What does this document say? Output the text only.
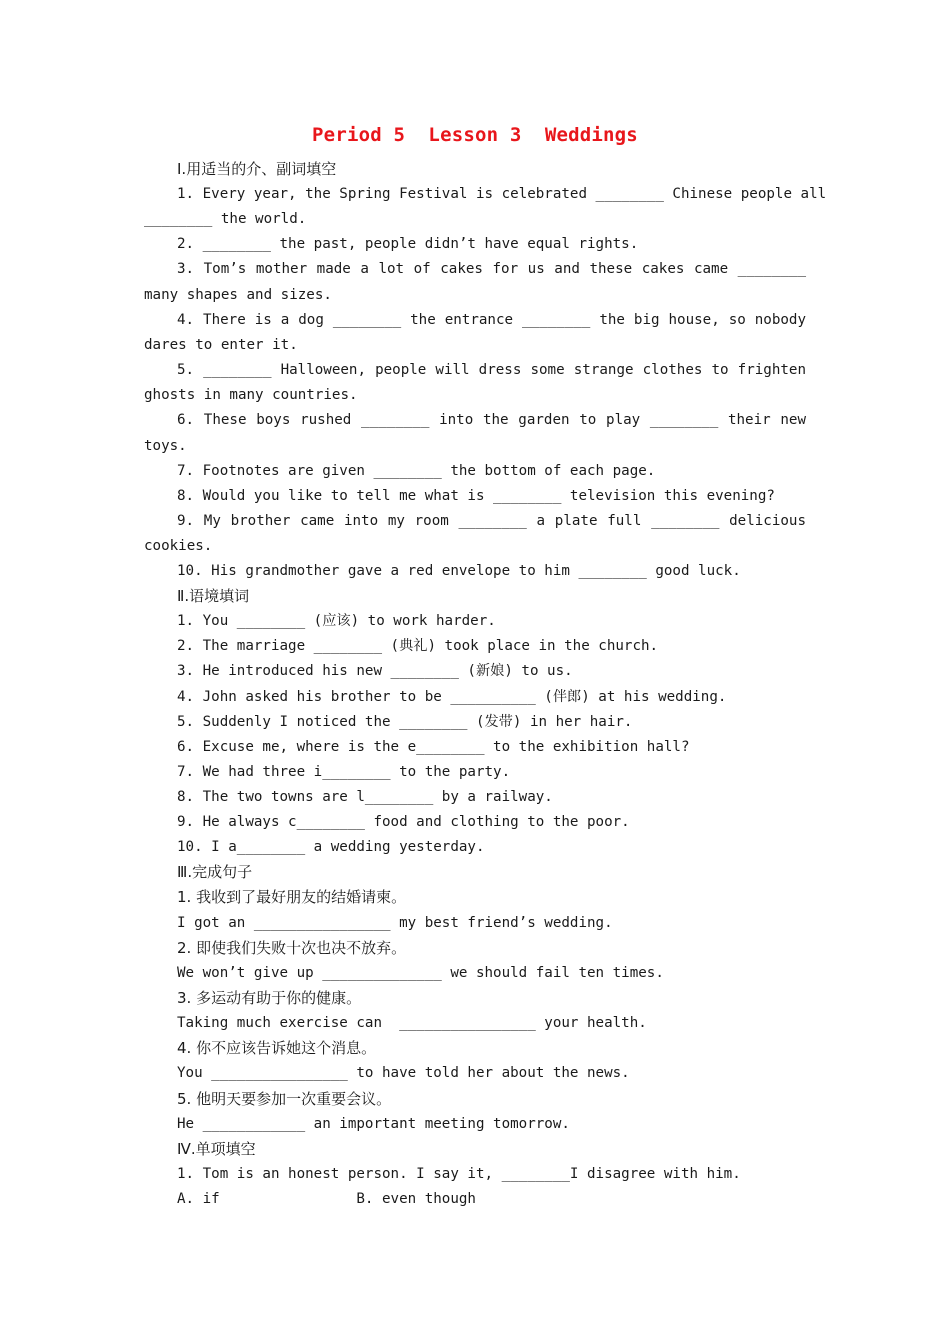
Period 5  Lesson 3  Weddings
Ⅰ.用适当的介、副词填空
1. Every year, the Spring Festival is celebrated ________ Chinese people all
________ the world.
2. ________ the past, people didn’t have equal rights.
3. Tom’s mother made a lot of cakes for us and these cakes came ________
many shapes and sizes.
4. There is a dog ________ the entrance ________ the big house, so nobody
dares to enter it.
5. ________ Halloween, people will dress some strange clothes to frighten
ghosts in many countries.
6. These boys rushed ________ into the garden to play ________ their new
toys.
7. Footnotes are given ________ the bottom of each page.
8. Would you like to tell me what is ________ television this evening?
9. My brother came into my room ________ a plate full ________ delicious
cookies.
10. His grandmother gave a red envelope to him ________ good luck.
Ⅱ.语境填词
1. You ________ (应该) to work harder.
2. The marriage ________ (典礼) took place in the church.
3. He introduced his new ________ (新娘) to us.
4. John asked his brother to be __________ (伴郎) at his wedding.
5. Suddenly I noticed the ________ (发带) in her hair.
6. Excuse me, where is the e________ to the exhibition hall?
7. We had three i________ to the party.
8. The two towns are l________ by a railway.
9. He always c________ food and clothing to the poor.
10. I a________ a wedding yesterday.
Ⅲ.完成句子
1. 我收到了最好朋友的结婚请柬。
I got an ________________ my best friend’s wedding.
2. 即使我们失败十次也决不放弃。
We won’t give up ______________ we should fail ten times.
3. 多运动有助于你的健康。
Taking much exercise can  ________________ your health.
4. 你不应该告诉她这个消息。
You ________________ to have told her about the news.
5. 他明天要参加一次重要会议。
He ____________ an important meeting tomorrow.
Ⅳ.单项填空
1. Tom is an honest person. I say it, ________I disagree with him.
A. if                B. even though
